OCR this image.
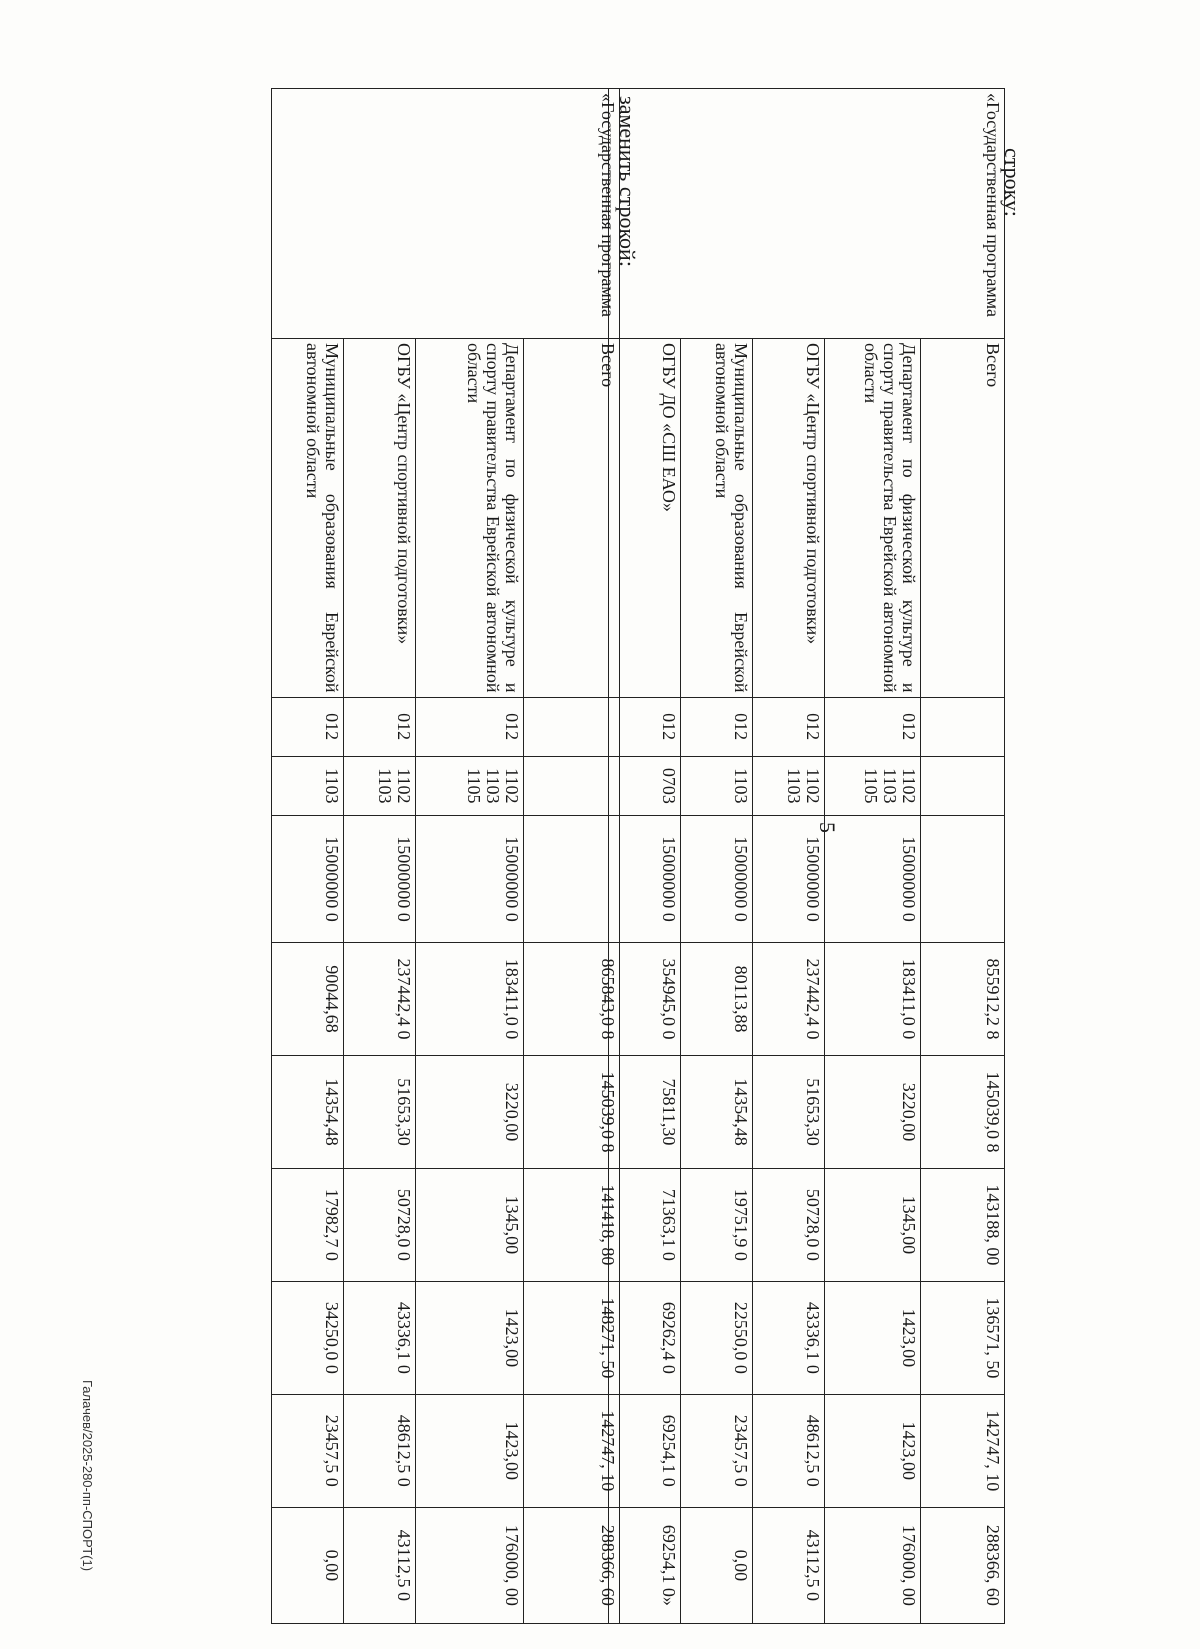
5
строку:
«Государственная программа	Всего				855912,2 8	145039,0 8	143188, 00	136571, 50	142747, 10	288366, 60
	Департамент по физической культуре и спорту правительства Еврейской автономной области	012	1102 1103 1105	15000000 0	183411,0 0	3220,00	1345,00	1423,00	1423,00	176000, 00
	ОГБУ «Центр спортивной подготовки»	012	1102 1103	15000000 0	237442,4 0	51653,30	50728,0 0	43336,1 0	48612,5 0	43112,5 0
	Муниципальные образования Еврейской автономной области	012	1103	15000000 0	80113,88	14354,48	19751,9 0	22550,0 0	23457,5 0	0,00
	ОГБУ ДО «СШ ЕАО»	012	0703	15000000 0	354945,0 0	75811,30	71363,1 0	69262,4 0	69254,1 0	69254,1 0»
заменить строкой:
«Государственная программа	Всего				865843,0 8	145039,0 8	141418, 80	148271, 50	142747, 10	288366, 60
	Департамент по физической культуре и спорту правительства Еврейской автономной области	012	1102 1103 1105	15000000 0	183411,0 0	3220,00	1345,00	1423,00	1423,00	176000, 00
	ОГБУ «Центр спортивной подготовки»	012	1102 1103	15000000 0	237442,4 0	51653,30	50728,0 0	43336,1 0	48612,5 0	43112,5 0
	Муниципальные образования Еврейской автономной области	012	1103	15000000 0	90044,68	14354,48	17982,7 0	34250,0 0	23457,5 0	0,00
Галачев/2025-280-пп-СПОРТ(1)
